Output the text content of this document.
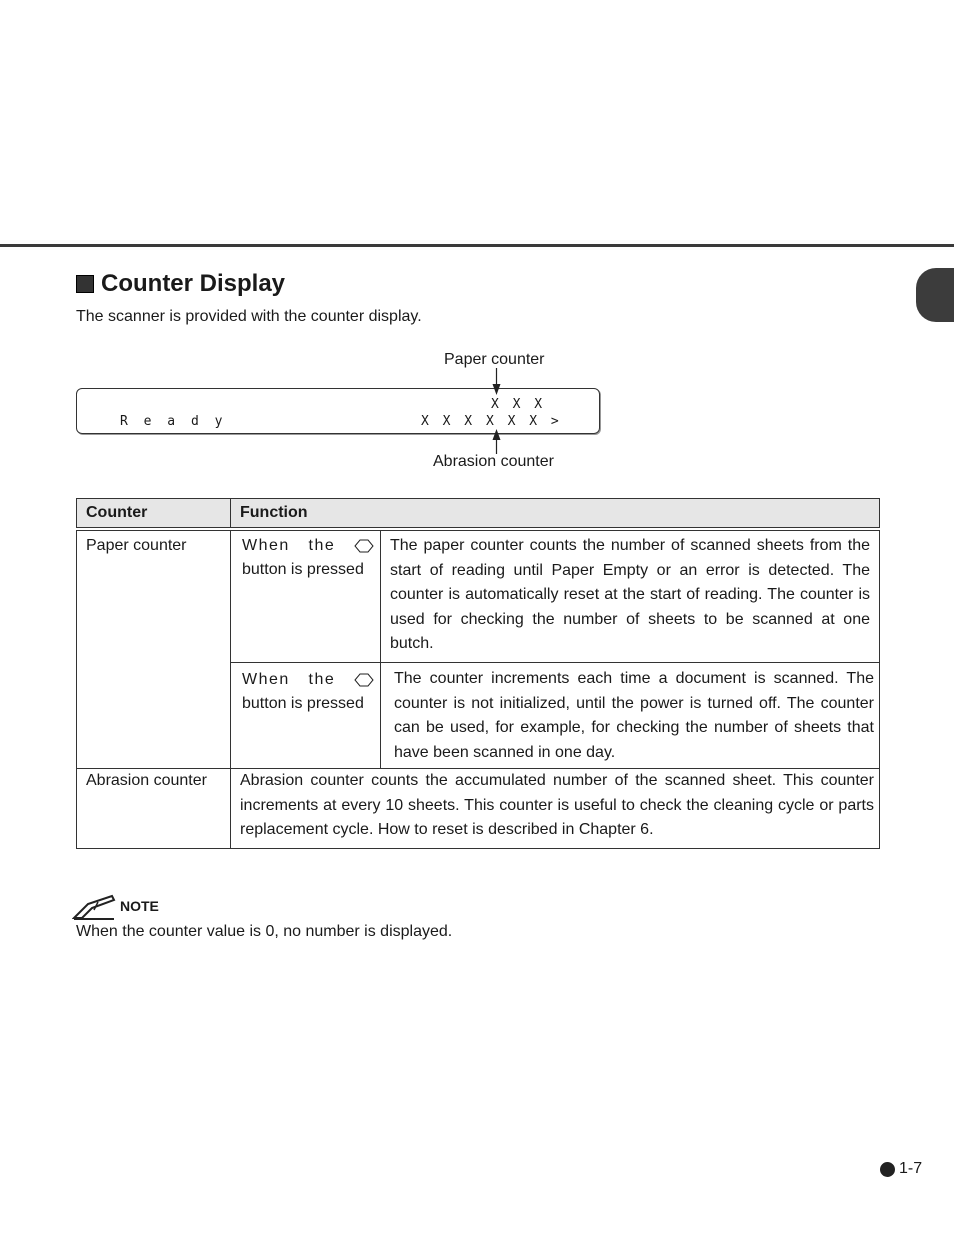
Counter Display
The scanner is provided with the counter display.
Paper counter
R e a d y
X X X
X X X X X X >
Abrasion counter
Counter	Function
Paper counter	When the
button is pressed
The paper counter counts the number of scanned sheets from the start of reading until Paper Empty or an error is detected. The counter is automatically reset at the start of reading. The counter is used for checking the number of sheets to be scanned at one butch.
When the
button is pressed
The counter increments each time a document is scanned. The counter is not initialized, until the power is turned off. The counter can be used, for example, for checking the number of sheets that have been scanned in one day.
Abrasion counter Abrasion counter counts the accumulated number of the scanned sheet. This counter increments at every 10 sheets. This counter is useful to check the cleaning cycle or parts replacement cycle. How to reset is described in Chapter 6.
NOTE
When the counter value is 0, no number is displayed.
1-7
